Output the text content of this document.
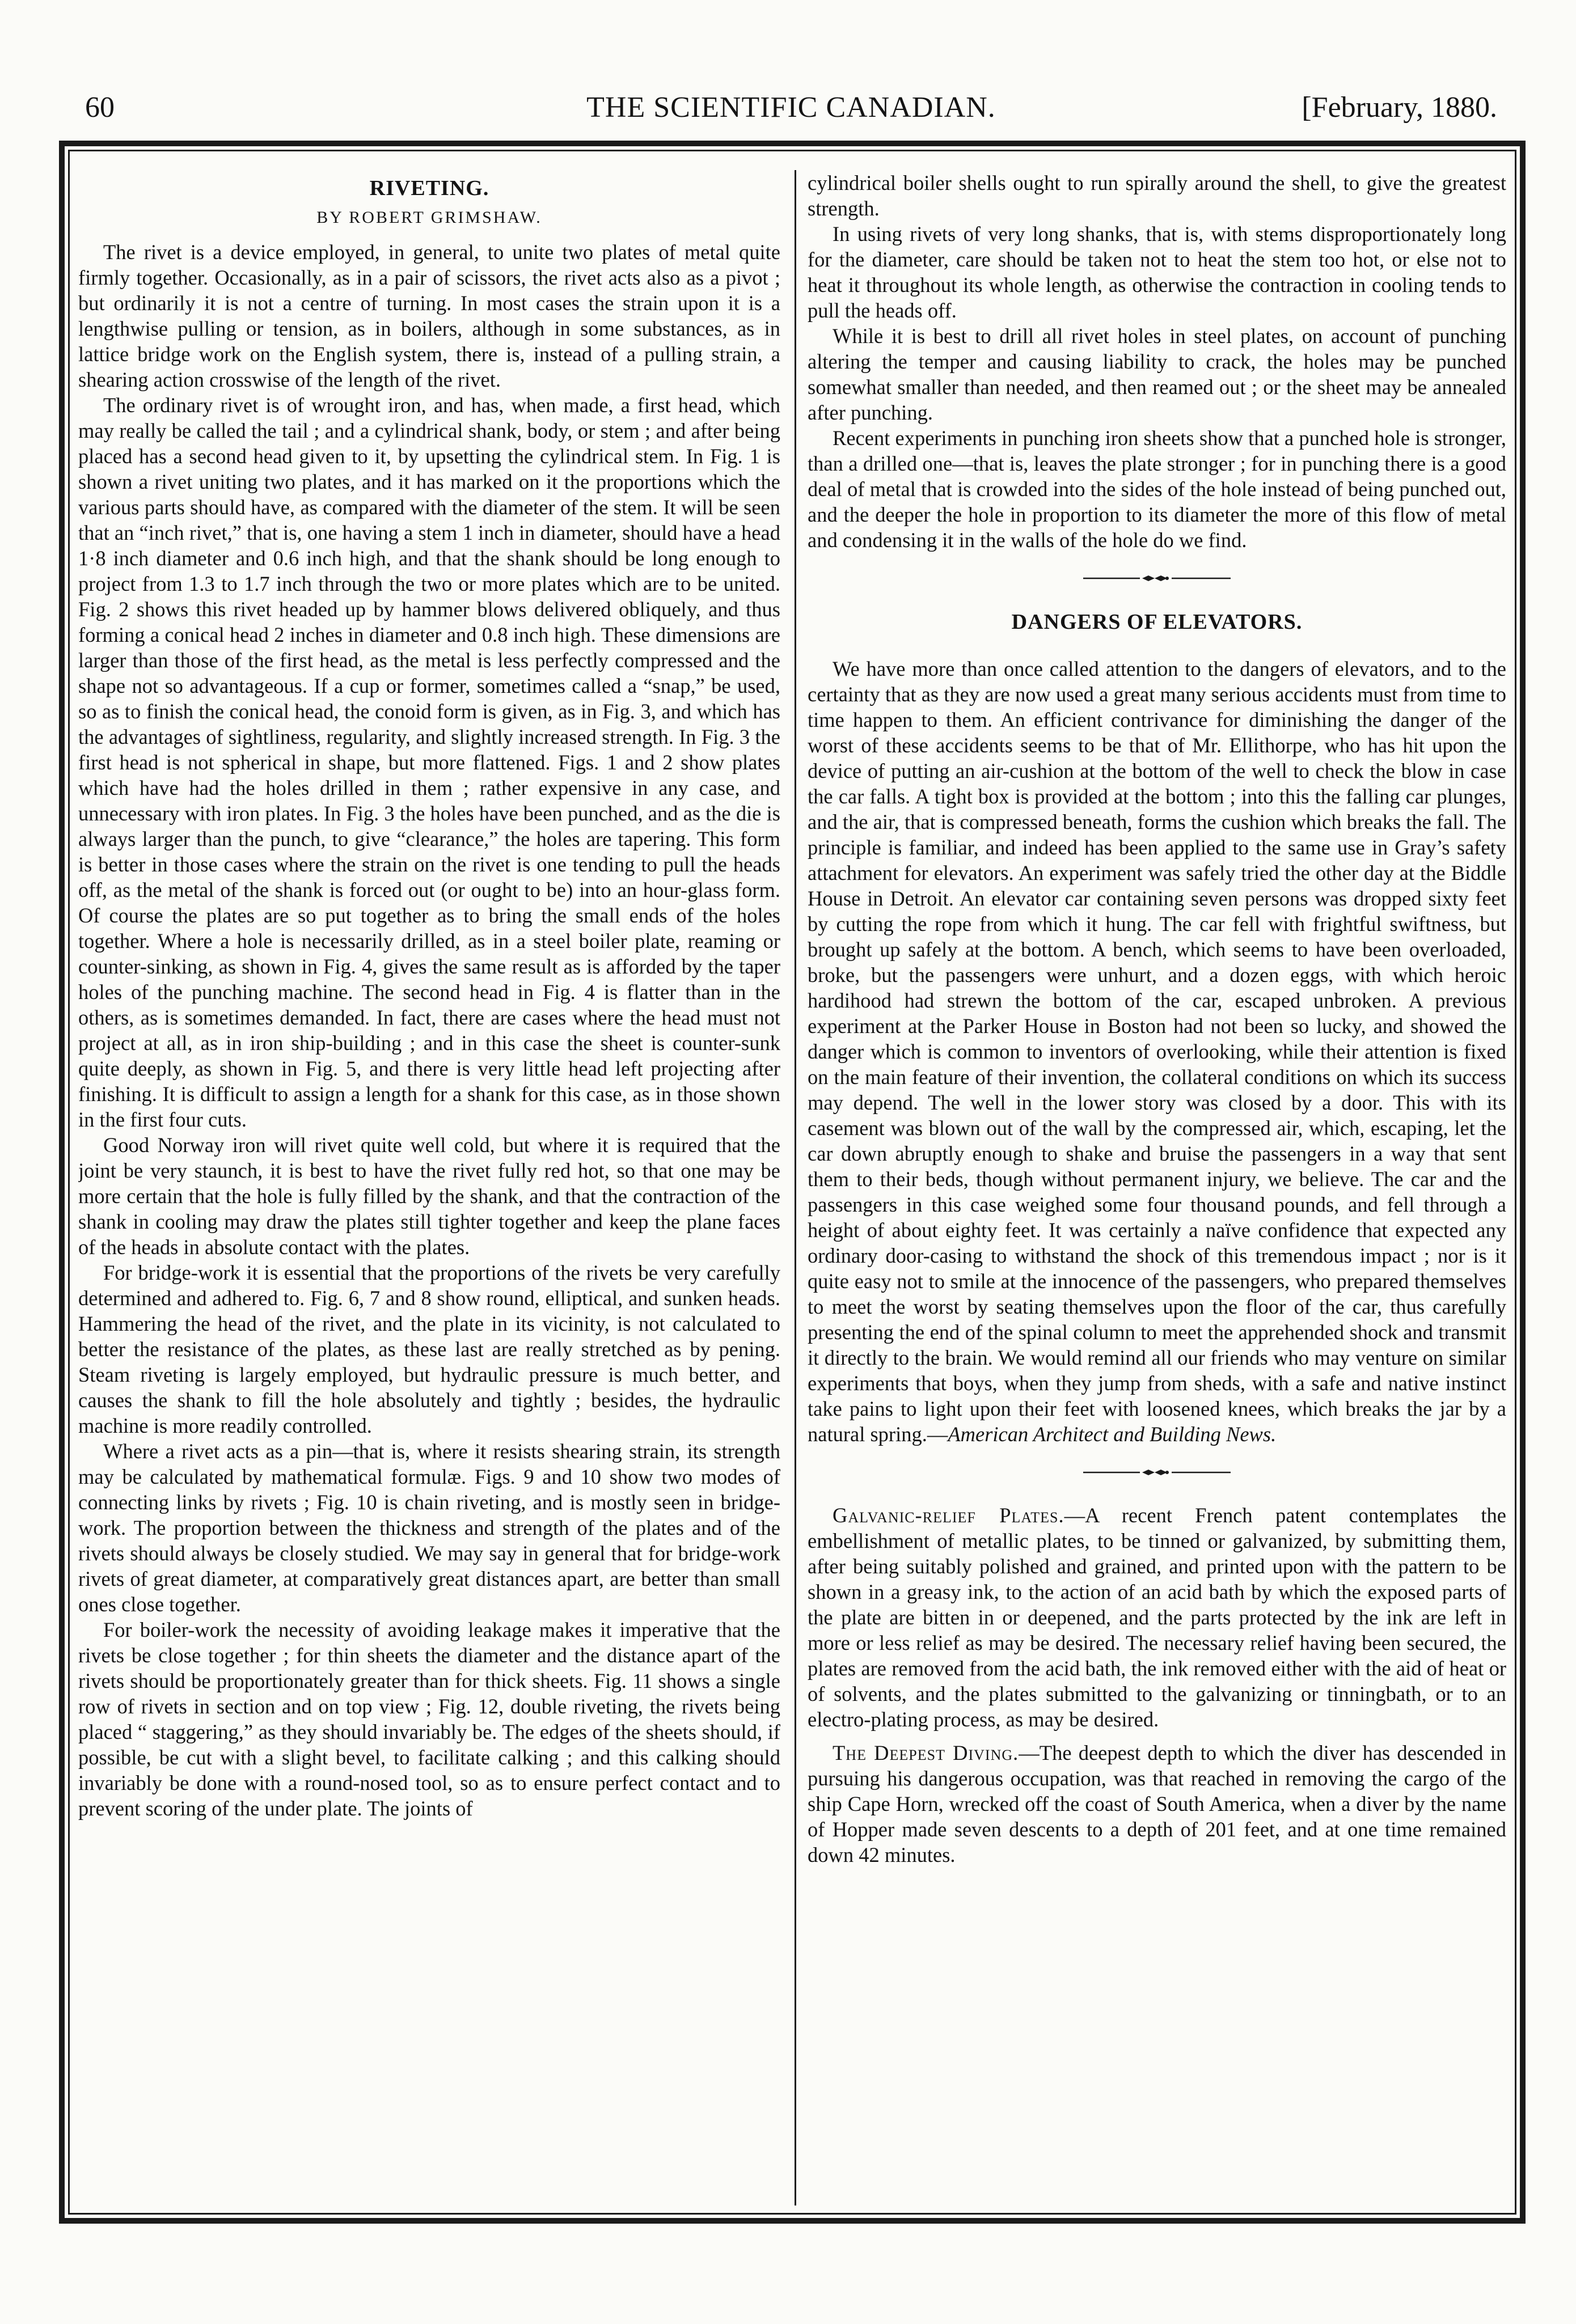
60	THE SCIENTIFIC CANADIAN.	[February, 1880.
RIVETING.
BY ROBERT GRIMSHAW.

The rivet is a device employed, in general, to unite two plates of metal quite firmly together. Occasionally, as in a pair of scissors, the rivet acts also as a pivot ; but ordinarily it is not a centre of turning. In most cases the strain upon it is a lengthwise pulling or tension, as in boilers, although in some substances, as in lattice bridge work on the English system, there is, instead of a pulling strain, a shearing action crosswise of the length of the rivet.

The ordinary rivet is of wrought iron, and has, when made, a first head, which may really be called the tail ; and a cylindrical shank, body, or stem ; and after being placed has a second head given to it, by upsetting the cylindrical stem. In Fig. 1 is shown a rivet uniting two plates, and it has marked on it the proportions which the various parts should have, as compared with the diameter of the stem. It will be seen that an “inch rivet,” that is, one having a stem 1 inch in diameter, should have a head 1·8 inch diameter and 0.6 inch high, and that the shank should be long enough to project from 1.3 to 1.7 inch through the two or more plates which are to be united. Fig. 2 shows this rivet headed up by hammer blows delivered obliquely, and thus forming a conical head 2 inches in diameter and 0.8 inch high. These dimensions are larger than those of the first head, as the metal is less perfectly compressed and the shape not so advantageous. If a cup or former, sometimes called a “snap,” be used, so as to finish the conical head, the conoid form is given, as in Fig. 3, and which has the advantages of sightliness, regularity, and slightly increased strength. In Fig. 3 the first head is not spherical in shape, but more flattened. Figs. 1 and 2 show plates which have had the holes drilled in them ; rather expensive in any case, and unnecessary with iron plates. In Fig. 3 the holes have been punched, and as the die is always larger than the punch, to give “clearance,” the holes are tapering. This form is better in those cases where the strain on the rivet is one tending to pull the heads off, as the metal of the shank is forced out (or ought to be) into an hour-glass form. Of course the plates are so put together as to bring the small ends of the holes together. Where a hole is necessarily drilled, as in a steel boiler plate, reaming or counter-sinking, as shown in Fig. 4, gives the same result as is afforded by the taper holes of the punching machine. The second head in Fig. 4 is flatter than in the others, as is sometimes demanded. In fact, there are cases where the head must not project at all, as in iron ship-building ; and in this case the sheet is counter-sunk quite deeply, as shown in Fig. 5, and there is very little head left projecting after finishing. It is difficult to assign a length for a shank for this case, as in those shown in the first four cuts.

Good Norway iron will rivet quite well cold, but where it is required that the joint be very staunch, it is best to have the rivet fully red hot, so that one may be more certain that the hole is fully filled by the shank, and that the contraction of the shank in cooling may draw the plates still tighter together and keep the plane faces of the heads in absolute contact with the plates.

For bridge-work it is essential that the proportions of the rivets be very carefully determined and adhered to. Fig. 6, 7 and 8 show round, elliptical, and sunken heads. Hammering the head of the rivet, and the plate in its vicinity, is not calculated to better the resistance of the plates, as these last are really stretched as by pening. Steam riveting is largely employed, but hydraulic pressure is much better, and causes the shank to fill the hole absolutely and tightly ; besides, the hydraulic machine is more readily controlled.

Where a rivet acts as a pin—that is, where it resists shearing strain, its strength may be calculated by mathematical formulæ. Figs. 9 and 10 show two modes of connecting links by rivets ; Fig. 10 is chain riveting, and is mostly seen in bridge-work. The proportion between the thickness and strength of the plates and of the rivets should always be closely studied. We may say in general that for bridge-work rivets of great diameter, at comparatively great distances apart, are better than small ones close together.

For boiler-work the necessity of avoiding leakage makes it imperative that the rivets be close together ; for thin sheets the diameter and the distance apart of the rivets should be proportionately greater than for thick sheets. Fig. 11 shows a single row of rivets in section and on top view ; Fig. 12, double riveting, the rivets being placed “ staggering,” as they should invariably be. The edges of the sheets should, if possible, be cut with a slight bevel, to facilitate calking ; and this calking should invariably be done with a round-nosed tool, so as to ensure perfect contact and to prevent scoring of the under plate. The joints of

cylindrical boiler shells ought to run spirally around the shell, to give the greatest strength.

In using rivets of very long shanks, that is, with stems disproportionately long for the diameter, care should be taken not to heat the stem too hot, or else not to heat it throughout its whole length, as otherwise the contraction in cooling tends to pull the heads off.

While it is best to drill all rivet holes in steel plates, on account of punching altering the temper and causing liability to crack, the holes may be punched somewhat smaller than needed, and then reamed out ; or the sheet may be annealed after punching.

Recent experiments in punching iron sheets show that a punched hole is stronger, than a drilled one—that is, leaves the plate stronger ; for in punching there is a good deal of metal that is crowded into the sides of the hole instead of being punched out, and the deeper the hole in proportion to its diameter the more of this flow of metal and condensing it in the walls of the hole do we find.

DANGERS OF ELEVATORS.

We have more than once called attention to the dangers of elevators, and to the certainty that as they are now used a great many serious accidents must from time to time happen to them. An efficient contrivance for diminishing the danger of the worst of these accidents seems to be that of Mr. Ellithorpe, who has hit upon the device of putting an air-cushion at the bottom of the well to check the blow in case the car falls. A tight box is provided at the bottom ; into this the falling car plunges, and the air, that is compressed beneath, forms the cushion which breaks the fall. The principle is familiar, and indeed has been applied to the same use in Gray’s safety attachment for elevators. An experiment was safely tried the other day at the Biddle House in Detroit. An elevator car containing seven persons was dropped sixty feet by cutting the rope from which it hung. The car fell with frightful swiftness, but brought up safely at the bottom. A bench, which seems to have been overloaded, broke, but the passengers were unhurt, and a dozen eggs, with which heroic hardihood had strewn the bottom of the car, escaped unbroken. A previous experiment at the Parker House in Boston had not been so lucky, and showed the danger which is common to inventors of overlooking, while their attention is fixed on the main feature of their invention, the collateral conditions on which its success may depend. The well in the lower story was closed by a door. This with its casement was blown out of the wall by the compressed air, which, escaping, let the car down abruptly enough to shake and bruise the passengers in a way that sent them to their beds, though without permanent injury, we believe. The car and the passengers in this case weighed some four thousand pounds, and fell through a height of about eighty feet. It was certainly a naïve confidence that expected any ordinary door-casing to withstand the shock of this tremendous impact ; nor is it quite easy not to smile at the innocence of the passengers, who prepared themselves to meet the worst by seating themselves upon the floor of the car, thus carefully presenting the end of the spinal column to meet the apprehended shock and transmit it directly to the brain. We would remind all our friends who may venture on similar experiments that boys, when they jump from sheds, with a safe and native instinct take pains to light upon their feet with loosened knees, which breaks the jar by a natural spring.—American Architect and Building News.

Galvanic-relief Plates.—A recent French patent contemplates the embellishment of metallic plates, to be tinned or galvanized, by submitting them, after being suitably polished and grained, and printed upon with the pattern to be shown in a greasy ink, to the action of an acid bath by which the exposed parts of the plate are bitten in or deepened, and the parts protected by the ink are left in more or less relief as may be desired. The necessary relief having been secured, the plates are removed from the acid bath, the ink removed either with the aid of heat or of solvents, and the plates submitted to the galvanizing or tinningbath, or to an electro-plating process, as may be desired.

The Deepest Diving.—The deepest depth to which the diver has descended in pursuing his dangerous occupation, was that reached in removing the cargo of the ship Cape Horn, wrecked off the coast of South America, when a diver by the name of Hopper made seven descents to a depth of 201 feet, and at one time remained down 42 minutes.
